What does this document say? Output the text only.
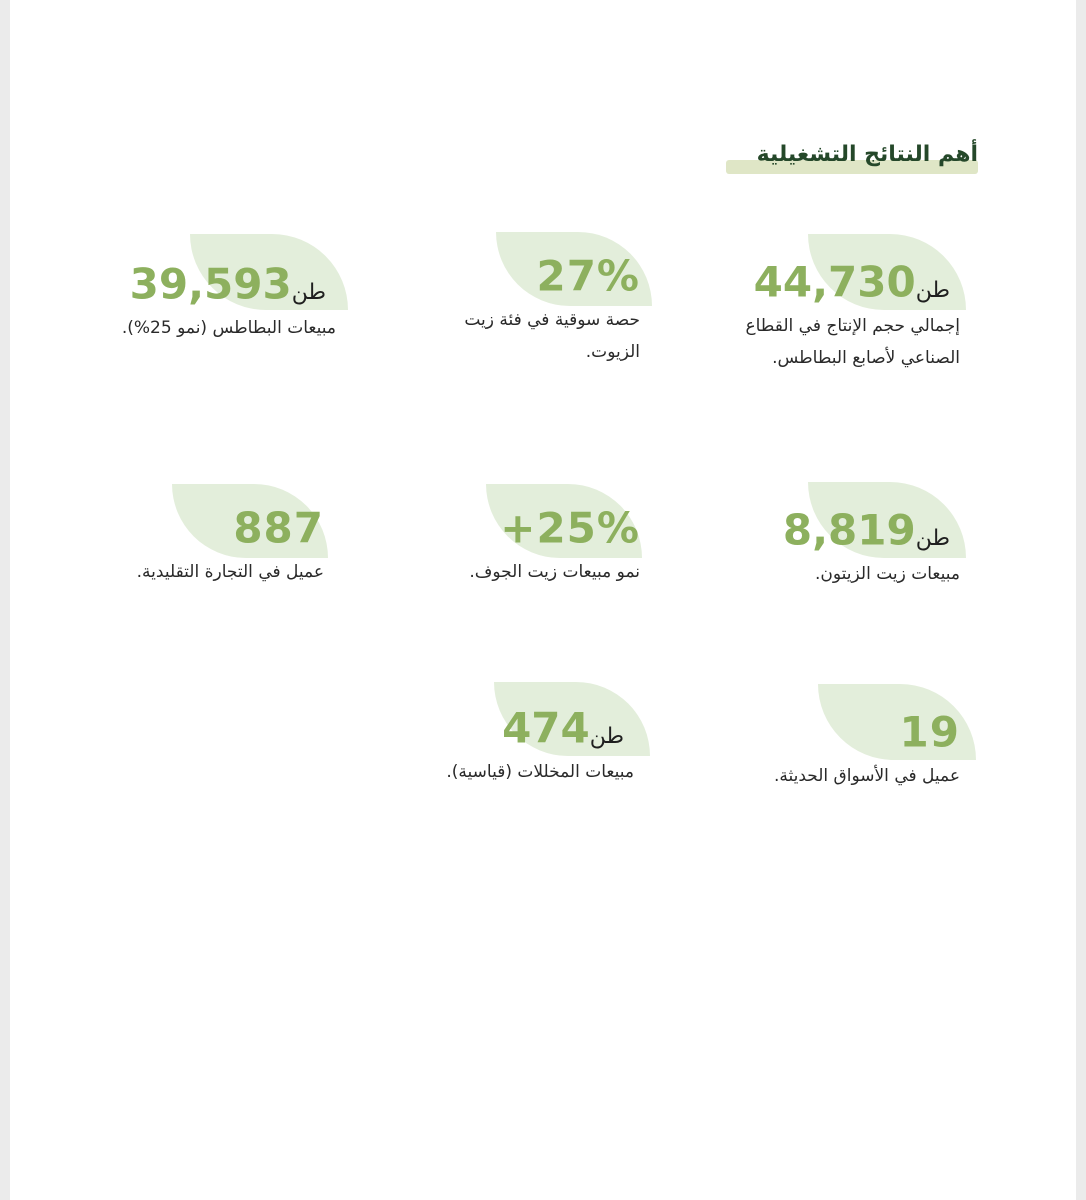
أهم النتائج التشغيلية
44,730طن
إجمالي حجم الإنتاج في القطاع الصناعي لأصابع البطاطس.
27%
حصة سوقية في فئة زيت الزيوت.
39,593طن
مبيعات البطاطس (نمو 25%).
8,819طن
مبيعات زيت الزيتون.
+25%
نمو مبيعات زيت الجوف.
887
عميل في التجارة التقليدية.
19
عميل في الأسواق الحديثة.
474طن
مبيعات المخللات (قياسية).
